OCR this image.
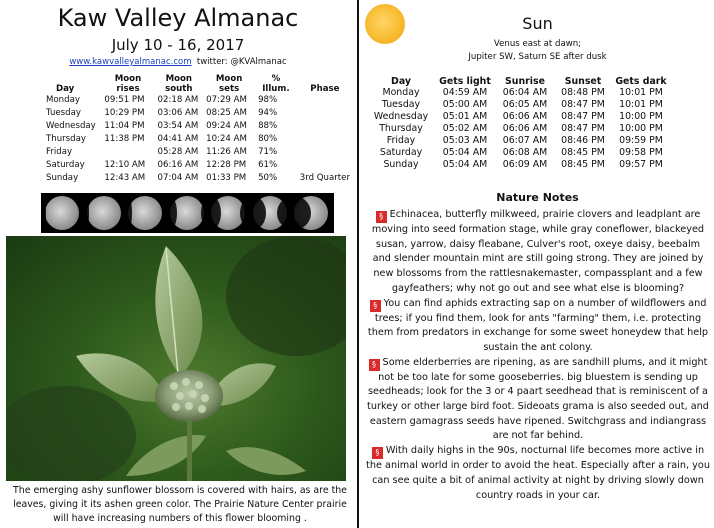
Kaw Valley Almanac
July 10 - 16, 2017
www.kawvalleyalmanac.com twitter: @KVAlmanac
Day	Moon rises	Moon south	Moon sets	% Illum.	Phase
Monday	09:51 PM	02:18 AM	07:29 AM	98%	
Tuesday	10:29 PM	03:06 AM	08:25 AM	94%	
Wednesday	11:04 PM	03:54 AM	09:24 AM	88%	
Thursday	11:38 PM	04:41 AM	10:24 AM	80%	
Friday		05:28 AM	11:26 AM	71%	
Saturday	12:10 AM	06:16 AM	12:28 PM	61%	
Sunday	12:43 AM	07:04 AM	01:33 PM	50%	3rd Quarter
The emerging ashy sunflower blossom is covered with hairs, as are the leaves, giving it its ashen green color. The Prairie Nature Center prairie will have increasing numbers of this flower blooming .
Sun
Venus east at dawn;
Jupiter SW, Saturn SE after dusk
Day	Gets light	Sunrise	Sunset	Gets dark
Monday	04:59 AM	06:04 AM	08:48 PM	10:01 PM
Tuesday	05:00 AM	06:05 AM	08:47 PM	10:01 PM
Wednesday	05:01 AM	06:06 AM	08:47 PM	10:00 PM
Thursday	05:02 AM	06:06 AM	08:47 PM	10:00 PM
Friday	05:03 AM	06:07 AM	08:46 PM	09:59 PM
Saturday	05:04 AM	06:08 AM	08:45 PM	09:58 PM
Sunday	05:04 AM	06:09 AM	08:45 PM	09:57 PM
Nature Notes

§ Echinacea, butterfly milkweed, prairie clovers and leadplant are moving into seed formation stage, while gray coneflower, blackeyed susan, yarrow, daisy fleabane, Culver's root, oxeye daisy, beebalm and slender mountain mint are still going strong. They are joined by new blossoms from the rattlesnakemaster, compassplant and a few gayfeathers; why not go out and see what else is blooming?

§ You can find aphids extracting sap on a number of wildflowers and trees; if you find them, look for ants "farming" them, i.e. protecting them from predators in exchange for some sweet honeydew that help sustain the ant colony.

§ Some elderberries are ripening, as are sandhill plums, and it might not be too late for some gooseberries. big bluestem is sending up seedheads; look for the 3 or 4 paart seedhead that is reminiscent of a turkey or other large bird foot. Sideoats grama is also seeded out, and eastern gamagrass seeds have ripened. Switchgrass and indiangrass are not far behind.

§ With daily highs in the 90s, nocturnal life becomes more active in the animal world in order to avoid the heat. Especially after a rain, you can see quite a bit of animal activity at night by driving slowly down country roads in your car.
